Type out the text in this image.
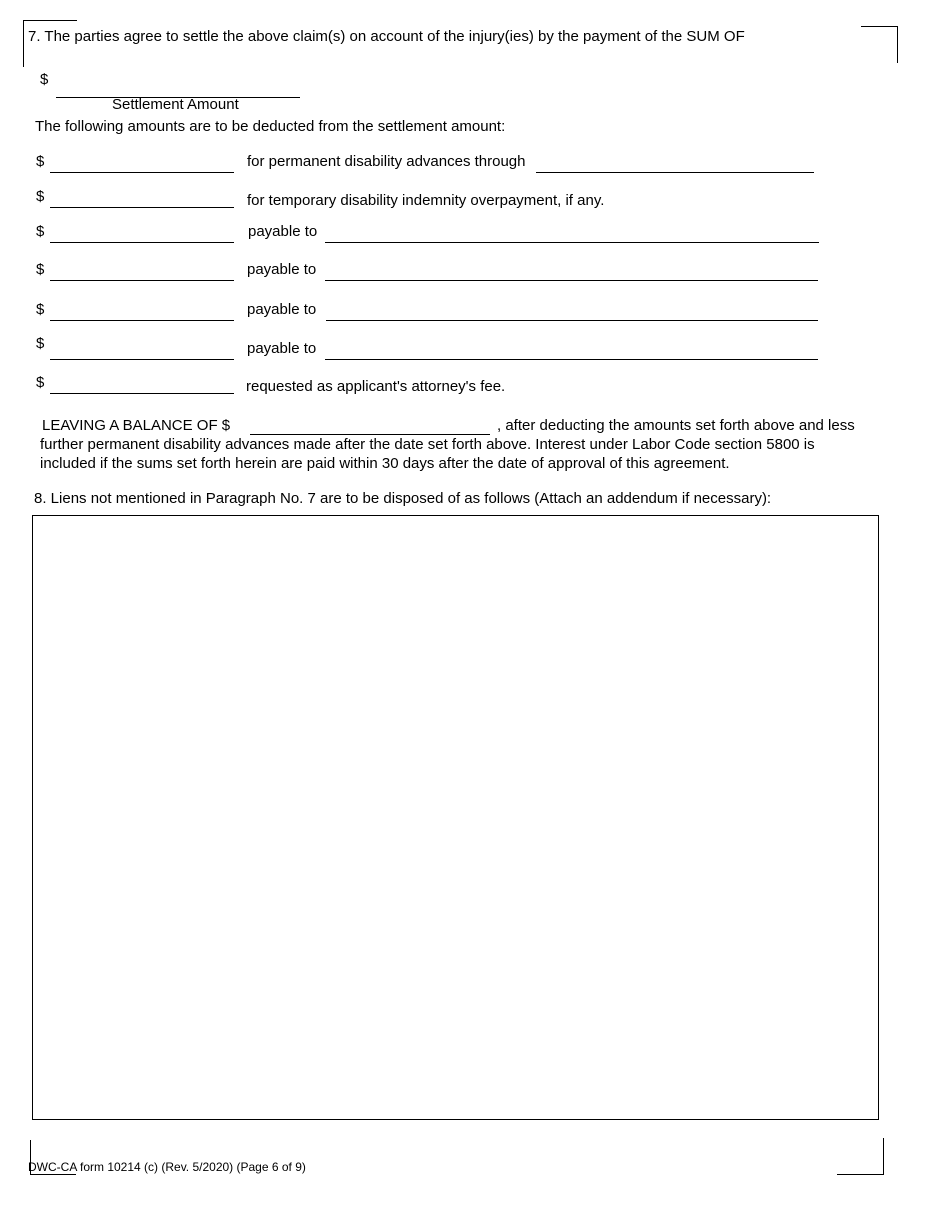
7. The parties agree to settle the above claim(s) on account of the injury(ies) by the payment of the SUM OF
$
Settlement Amount
The following amounts are to be deducted from the settlement amount:
$	for permanent disability advances through
$	for temporary disability indemnity overpayment, if any.
$	payable to
$	payable to
$	payable to
$	payable to
$	requested as applicant's attorney's fee.
LEAVING A BALANCE OF $	, after deducting the amounts set forth above and less
further permanent disability advances made after the date set forth above. Interest under Labor Code section 5800 is
included if the sums set forth herein are paid within 30 days after the date of approval of this agreement.
8. Liens not mentioned in Paragraph No. 7 are to be disposed of as follows (Attach an addendum if necessary):
DWC-CA form 10214 (c) (Rev. 5/2020) (Page 6 of 9)
